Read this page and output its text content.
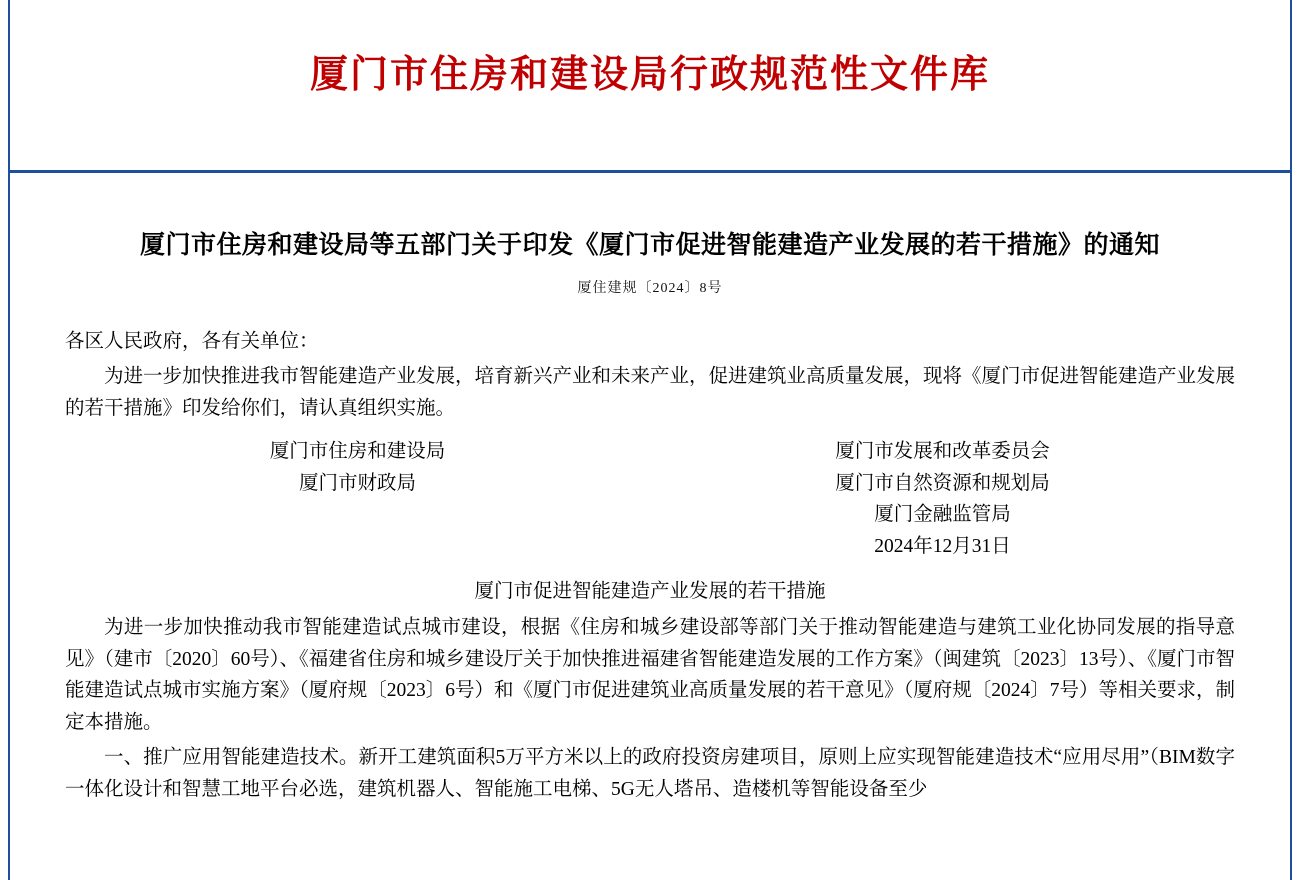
厦门市住房和建设局行政规范性文件库
厦门市住房和建设局等五部门关于印发《厦门市促进智能建造产业发展的若干措施》的通知
厦住建规〔2024〕8号
各区人民政府，各有关单位：

为进一步加快推进我市智能建造产业发展，培育新兴产业和未来产业，促进建筑业高质量发展，现将《厦门市促进智能建造产业发展的若干措施》印发给你们，请认真组织实施。

厦门市住房和建设局	厦门市发展和改革委员会
厦门市财政局	厦门市自然资源和规划局
厦门金融监管局
2024年12月31日
厦门市促进智能建造产业发展的若干措施

为进一步加快推动我市智能建造试点城市建设，根据《住房和城乡建设部等部门关于推动智能建造与建筑工业化协同发展的指导意见》（建市〔2020〕60号）、《福建省住房和城乡建设厅关于加快推进福建省智能建造发展的工作方案》（闽建筑〔2023〕13号）、《厦门市智能建造试点城市实施方案》（厦府规〔2023〕6号）和《厦门市促进建筑业高质量发展的若干意见》（厦府规〔2024〕7号）等相关要求，制定本措施。

一、推广应用智能建造技术。新开工建筑面积5万平方米以上的政府投资房建项目，原则上应实现智能建造技术“应用尽用”（BIM数字一体化设计和智慧工地平台必选，建筑机器人、智能施工电梯、5G无人塔吊、造楼机等智能设备至少
